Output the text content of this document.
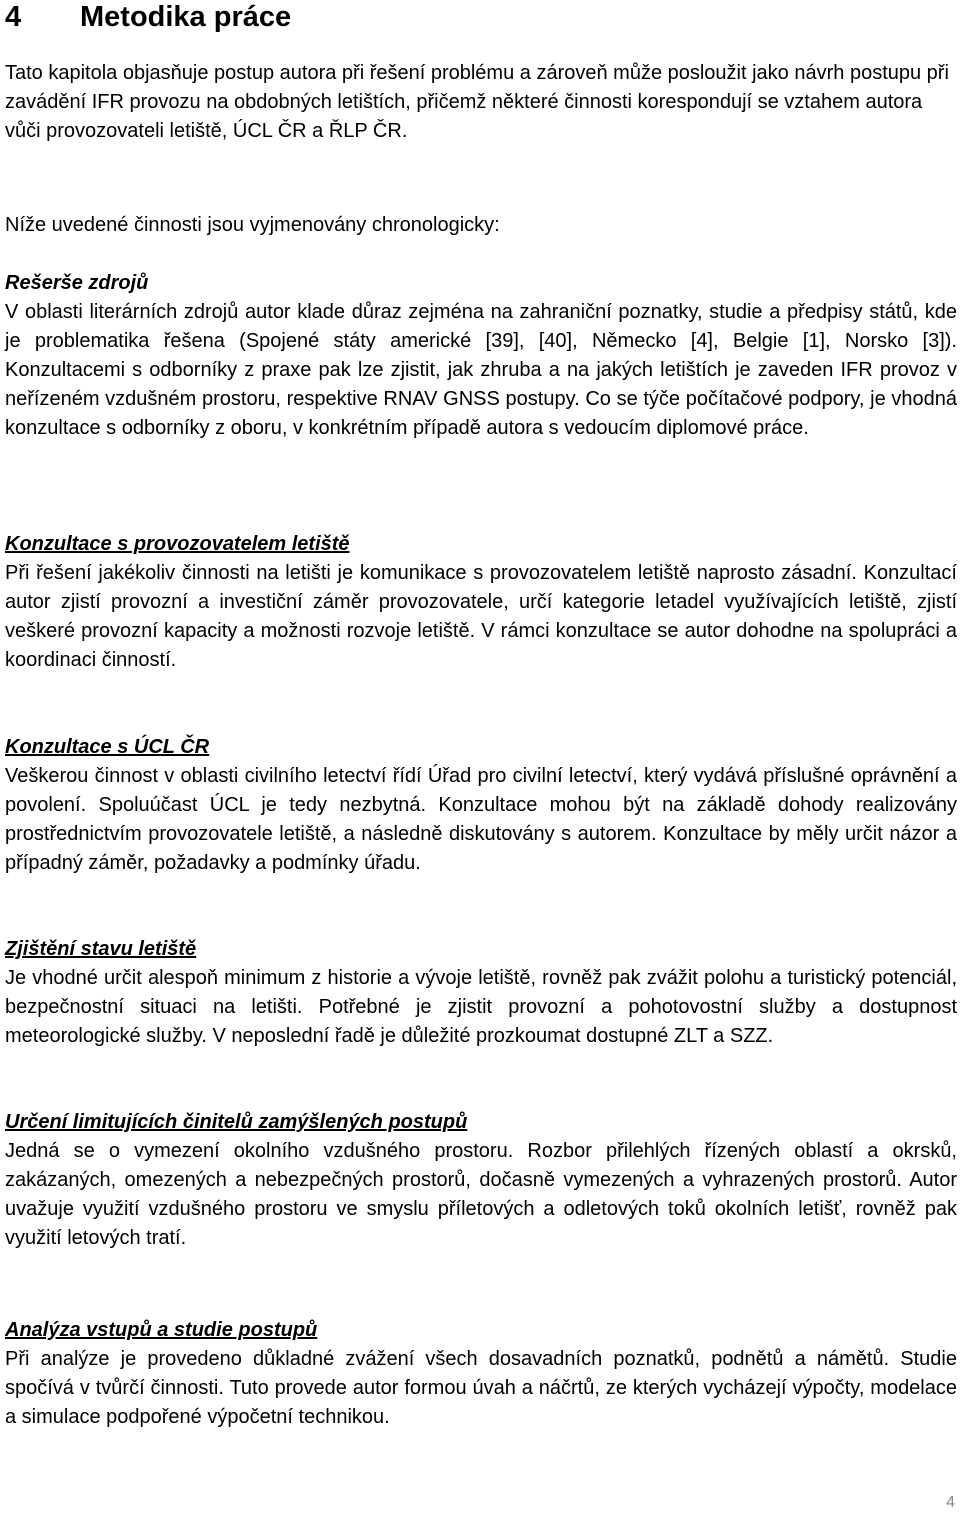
4 Metodika práce

Tato kapitola objasňuje postup autora při řešení problému a zároveň může posloužit jako návrh postupu při zavádění IFR provozu na obdobných letištích, přičemž některé činnosti korespondují se vztahem autora vůči provozovateli letiště, ÚCL ČR a ŘLP ČR.

Níže uvedené činnosti jsou vyjmenovány chronologicky:

Rešerše zdrojů

V oblasti literárních zdrojů autor klade důraz zejména na zahraniční poznatky, studie a předpisy států, kde je problematika řešena (Spojené státy americké [39], [40], Německo [4], Belgie [1], Norsko [3]). Konzultacemi s odborníky z praxe pak lze zjistit, jak zhruba a na jakých letištích je zaveden IFR provoz v neřízeném vzdušném prostoru, respektive RNAV GNSS postupy. Co se týče počítačové podpory, je vhodná konzultace s odborníky z oboru, v konkrétním případě autora s vedoucím diplomové práce.

Konzultace s provozovatelem letiště

Při řešení jakékoliv činnosti na letišti je komunikace s provozovatelem letiště naprosto zásadní. Konzultací autor zjistí provozní a investiční záměr provozovatele, určí kategorie letadel využívajících letiště, zjistí veškeré provozní kapacity a možnosti rozvoje letiště. V rámci konzultace se autor dohodne na spolupráci a koordinaci činností.

Konzultace s ÚCL ČR

Veškerou činnost v oblasti civilního letectví řídí Úřad pro civilní letectví, který vydává příslušné oprávnění a povolení. Spoluúčast ÚCL je tedy nezbytná. Konzultace mohou být na základě dohody realizovány prostřednictvím provozovatele letiště, a následně diskutovány s autorem. Konzultace by měly určit názor a případný záměr, požadavky a podmínky úřadu.

Zjištění stavu letiště

Je vhodné určit alespoň minimum z historie a vývoje letiště, rovněž pak zvážit polohu a turistický potenciál, bezpečnostní situaci na letišti. Potřebné je zjistit provozní a pohotovostní služby a dostupnost meteorologické služby. V neposlední řadě je důležité prozkoumat dostupné ZLT a SZZ.

Určení limitujících činitelů zamýšlených postupů

Jedná se o vymezení okolního vzdušného prostoru. Rozbor přilehlých řízených oblastí a okrsků, zakázaných, omezených a nebezpečných prostorů, dočasně vymezených a vyhrazených prostorů. Autor uvažuje využití vzdušného prostoru ve smyslu příletových a odletových toků okolních letišť, rovněž pak využití letových tratí.

Analýza vstupů a studie postupů

Při analýze je provedeno důkladné zvážení všech dosavadních poznatků, podnětů a námětů. Studie spočívá v tvůrčí činnosti. Tuto provede autor formou úvah a náčrtů, ze kterých vycházejí výpočty, modelace a simulace podpořené výpočetní technikou.

4
